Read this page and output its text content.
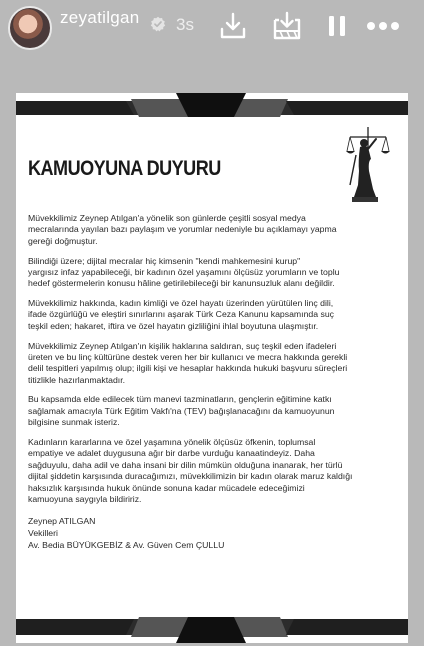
zeyatilgan	3s
KAMUOYUNA DUYURU

Müvekkilimiz Zeynep Atılgan'a yönelik son günlerde çeşitli sosyal medya
mecralarında yayılan bazı paylaşım ve yorumlar nedeniyle bu açıklamayı yapma
gereği doğmuştur.

Bilindiği üzere; dijital mecralar hiç kimsenin "kendi mahkemesini kurup"
yargısız infaz yapabileceği, bir kadının özel yaşamını ölçüsüz yorumların ve toplu
hedef göstermelerin konusu hâline getirilebileceği bir kanunsuzluk alanı değildir.

Müvekkilimiz hakkında, kadın kimliği ve özel hayatı üzerinden yürütülen linç dili,
ifade özgürlüğü ve eleştiri sınırlarını aşarak Türk Ceza Kanunu kapsamında suç
teşkil eden; hakaret, iftira ve özel hayatın gizliliğini ihlal boyutuna ulaşmıştır.

Müvekkilimiz Zeynep Atılgan'ın kişilik haklarına saldıran, suç teşkil eden ifadeleri
üreten ve bu linç kültürüne destek veren her bir kullanıcı ve mecra hakkında gerekli
delil tespitleri yapılmış olup; ilgili kişi ve hesaplar hakkında hukuki başvuru süreçleri
titizlikle hazırlanmaktadır.

Bu kapsamda elde edilecek tüm manevi tazminatların, gençlerin eğitimine katkı
sağlamak amacıyla Türk Eğitim Vakfı'na (TEV) bağışlanacağını da kamuoyunun
bilgisine sunmak isteriz.

Kadınların kararlarına ve özel yaşamına yönelik ölçüsüz öfkenin, toplumsal
empatiye ve adalet duygusuna ağır bir darbe vurduğu kanaatindeyiz. Daha
sağduyulu, daha adil ve daha insani bir dilin mümkün olduğuna inanarak, her türlü
dijital şiddetin karşısında duracağımızı, müvekkilimizin bir kadın olarak maruz kaldığı
haksızlık karşısında hukuk önünde sonuna kadar mücadele edeceğimizi
kamuoyuna saygıyla bildiririz.

Zeynep ATILGAN
Vekilleri
Av. Bedia BÜYÜKGEBİZ & Av. Güven Cem ÇULLU
